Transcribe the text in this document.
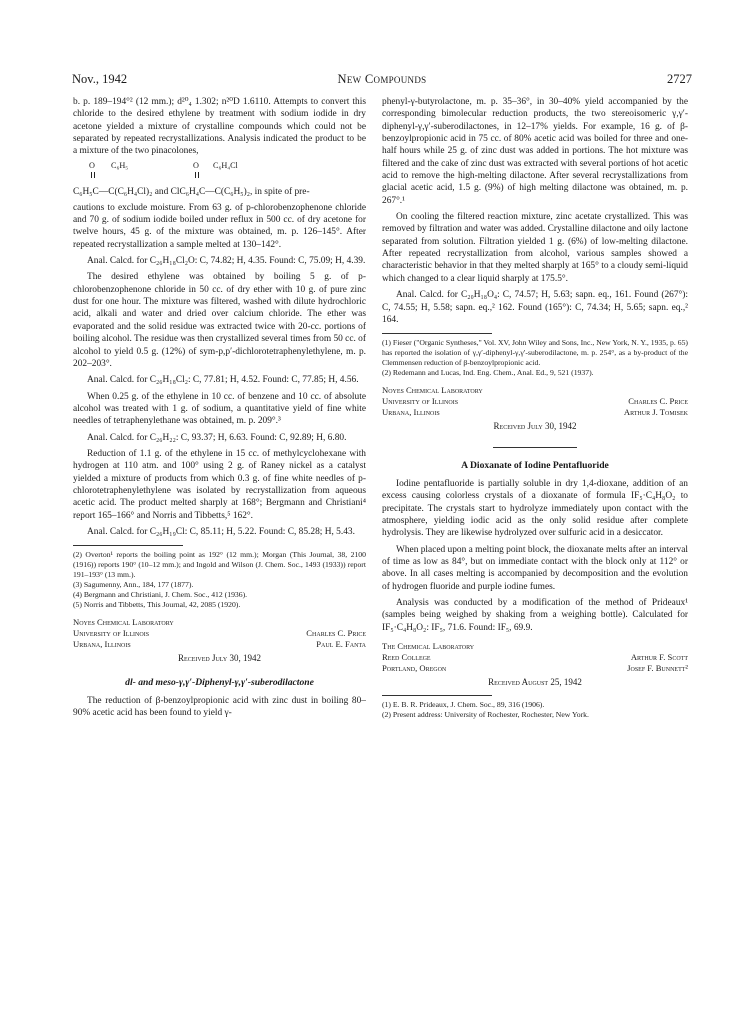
Nov., 1942	New Compounds	2727

b. p. 189–194°² (12 mm.); d²⁰₄ 1.302; n²⁰D 1.6110. Attempts to convert this chloride to the desired ethylene by treatment with sodium iodide in dry acetone yielded a mixture of crystalline compounds which could not be separated by repeated recrystallizations. Analysis indicated the product to be a mixture of the two pinacolones,

O C₆H₅	O C₆H₄Cl
C₆H₅C—C(C₆H₄Cl)₂ and ClC₆H₄C—C(C₆H₅)₂, in spite of pre-

cautions to exclude moisture. From 63 g. of p-chlorobenzophenone chloride and 70 g. of sodium iodide boiled under reflux in 500 cc. of dry acetone for twelve hours, 45 g. of the mixture was obtained, m. p. 126–145°. After repeated recrystallization a sample melted at 130–142°.

Anal. Calcd. for C₂₆H₁₈Cl₂O: C, 74.82; H, 4.35. Found: C, 75.09; H, 4.39.

The desired ethylene was obtained by boiling 5 g. of p-chlorobenzophenone chloride in 50 cc. of dry ether with 10 g. of pure zinc dust for one hour. The mixture was filtered, washed with dilute hydrochloric acid, alkali and water and dried over calcium chloride. The ether was evaporated and the solid residue was extracted twice with 20-cc. portions of boiling alcohol. The residue was then crystallized several times from 50 cc. of alcohol to yield 0.5 g. (12%) of sym-p,p′-dichlorotetraphenylethylene, m. p. 202–203°.

Anal. Calcd. for C₂₆H₁₈Cl₂: C, 77.81; H, 4.52. Found: C, 77.85; H, 4.56.

When 0.25 g. of the ethylene in 10 cc. of benzene and 10 cc. of absolute alcohol was treated with 1 g. of sodium, a quantitative yield of fine white needles of tetraphenylethane was obtained, m. p. 209°.³

Anal. Calcd. for C₂₆H₂₂: C, 93.37; H, 6.63. Found: C, 92.89; H, 6.80.

Reduction of 1.1 g. of the ethylene in 15 cc. of methylcyclohexane with hydrogen at 110 atm. and 100° using 2 g. of Raney nickel as a catalyst yielded a mixture of products from which 0.3 g. of fine white needles of p-chlorotetraphenylethylene was isolated by recrystallization from aqueous acetic acid. The product melted sharply at 168°; Bergmann and Christiani⁴ report 165–166° and Norris and Tibbetts,⁵ 162°.

Anal. Calcd. for C₂₆H₁₉Cl: C, 85.11; H, 5.22. Found: C, 85.28; H, 5.43.

(2) Overton¹ reports the boiling point as 192° (12 mm.); Morgan (This Journal, 38, 2100 (1916)) reports 190° (10–12 mm.); and Ingold and Wilson (J. Chem. Soc., 1493 (1933)) report 191–193° (13 mm.).

(3) Sagumenny, Ann., 184, 177 (1877).

(4) Bergmann and Christiani, J. Chem. Soc., 412 (1936).

(5) Norris and Tibbetts, This Journal, 42, 2085 (1920).

Noyes Chemical Laboratory
University of Illinois	Charles C. Price
Urbana, Illinois	Paul E. Fanta
Received July 30, 1942
dl- and meso-γ,γ′-Diphenyl-γ,γ′-suberodilactone

The reduction of β-benzoylpropionic acid with zinc dust in boiling 80–90% acetic acid has been found to yield γ-

phenyl-γ-butyrolactone, m. p. 35–36°, in 30–40% yield accompanied by the corresponding bimolecular reduction products, the two stereoisomeric γ,γ′-diphenyl-γ,γ′-suberodilactones, in 12–17% yields. For example, 16 g. of β-benzoylpropionic acid in 75 cc. of 80% acetic acid was boiled for three and one-half hours while 25 g. of zinc dust was added in portions. The hot mixture was filtered and the cake of zinc dust was extracted with several portions of hot acetic acid to remove the high-melting dilactone. After several recrystallizations from glacial acetic acid, 1.5 g. (9%) of high melting dilactone was obtained, m. p. 267°.¹

On cooling the filtered reaction mixture, zinc acetate crystallized. This was removed by filtration and water was added. Crystalline dilactone and oily lactone separated from solution. Filtration yielded 1 g. (6%) of low-melting dilactone. After repeated recrystallization from alcohol, various samples showed a characteristic behavior in that they melted sharply at 165° to a cloudy semi-liquid which changed to a clear liquid sharply at 175.5°.

Anal. Calcd. for C₂₀H₁₈O₄: C, 74.57; H, 5.63; sapn. eq., 161. Found (267°): C, 74.55; H, 5.58; sapn. eq.,² 162. Found (165°): C, 74.34; H, 5.65; sapn. eq.,² 164.

(1) Fieser ("Organic Syntheses," Vol. XV, John Wiley and Sons, Inc., New York, N. Y., 1935, p. 65) has reported the isolation of γ,γ′-diphenyl-γ,γ′-suberodilactone, m. p. 254°, as a by-product of the Clemmensen reduction of β-benzoylpropionic acid.

(2) Redemann and Lucas, Ind. Eng. Chem., Anal. Ed., 9, 521 (1937).

Noyes Chemical Laboratory
University of Illinois	Charles C. Price
Urbana, Illinois	Arthur J. Tomisek
Received July 30, 1942
A Dioxanate of Iodine Pentafluoride

Iodine pentafluoride is partially soluble in dry 1,4-dioxane, addition of an excess causing colorless crystals of a dioxanate of formula IF₅·C₄H₈O₂ to precipitate. The crystals start to hydrolyze immediately upon contact with the atmosphere, yielding iodic acid as the only solid residue after complete hydrolysis. They are likewise hydrolyzed over sulfuric acid in a desiccator.

When placed upon a melting point block, the dioxanate melts after an interval of time as low as 84°, but on immediate contact with the block only at 112° or above. In all cases melting is accompanied by decomposition and the evolution of hydrogen fluoride and purple iodine fumes.

Analysis was conducted by a modification of the method of Prideaux¹ (samples being weighed by shaking from a weighing bottle). Calculated for IF₅·C₄H₈O₂: IF₅, 71.6. Found: IF₅, 69.9.

The Chemical Laboratory
Reed College	Arthur F. Scott
Portland, Oregon	Josef F. Bunnett²
Received August 25, 1942

(1) E. B. R. Prideaux, J. Chem. Soc., 89, 316 (1906).

(2) Present address: University of Rochester, Rochester, New York.
